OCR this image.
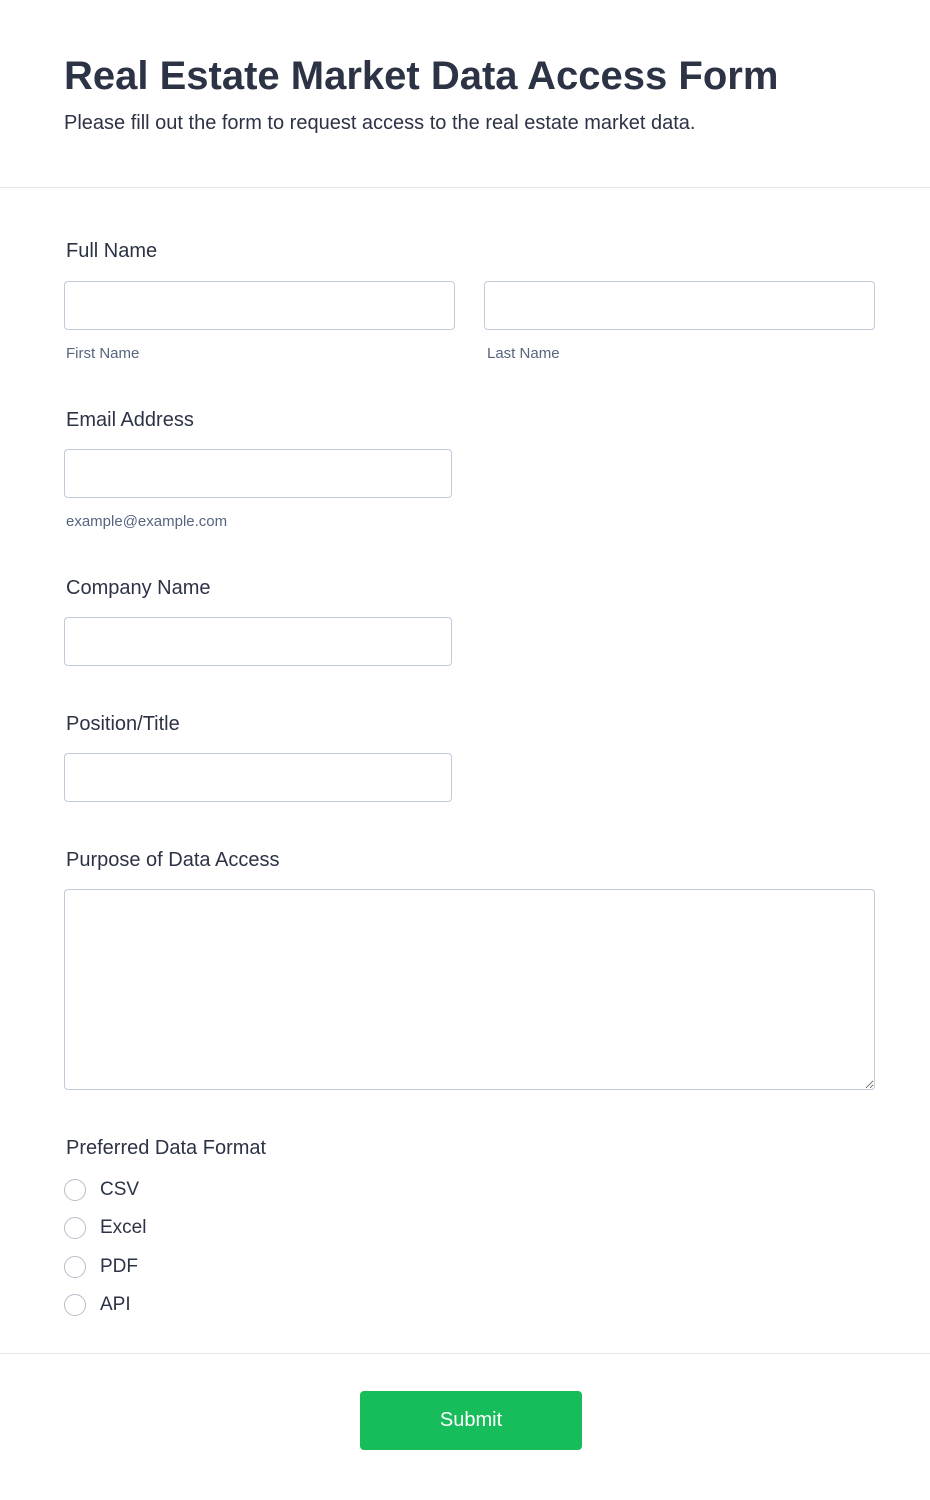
Real Estate Market Data Access Form

Please fill out the form to request access to the real estate market data.

Full Name
First Name	Last Name
Email Address
example@example.com
Company Name
Position/Title
Purpose of Data Access
Preferred Data Format
CSV
Excel
PDF
API
Submit
